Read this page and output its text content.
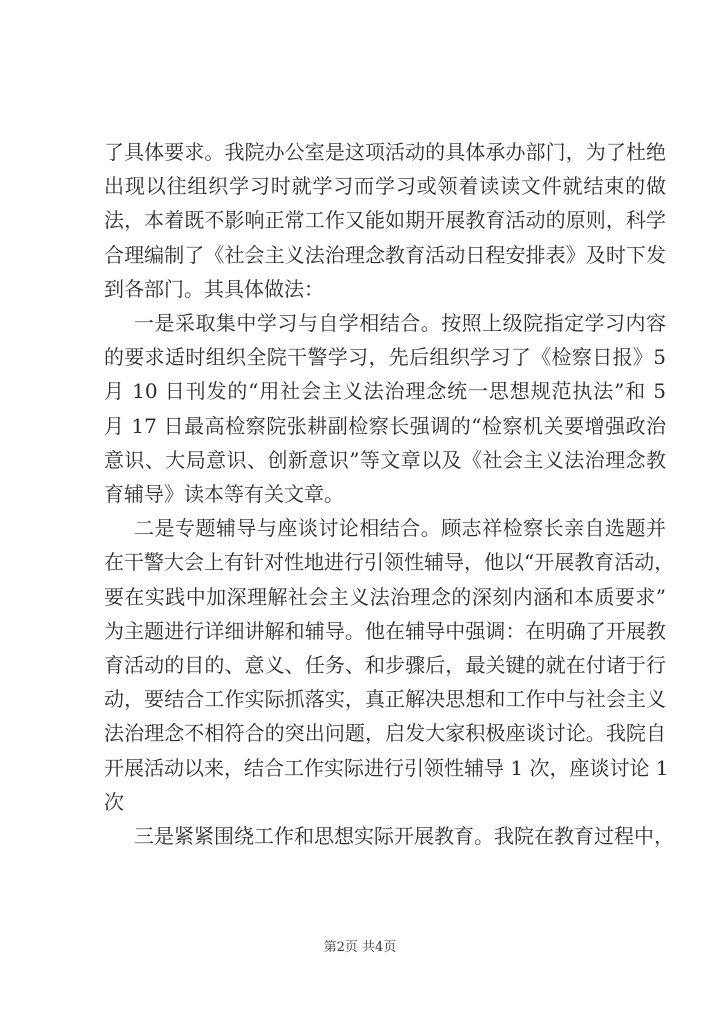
了具体要求。我院办公室是这项活动的具体承办部门，为了杜绝
出现以往组织学习时就学习而学习或领着读读文件就结束的做
法，本着既不影响正常工作又能如期开展教育活动的原则，科学
合理编制了《社会主义法治理念教育活动日程安排表》及时下发
到各部门。其具体做法：
一是采取集中学习与自学相结合。按照上级院指定学习内容
的要求适时组织全院干警学习，先后组织学习了《检察日报》5
月 10 日刊发的“用社会主义法治理念统一思想规范执法”和 5
月 17 日最高检察院张耕副检察长强调的“检察机关要增强政治
意识、大局意识、创新意识”等文章以及《社会主义法治理念教
育辅导》读本等有关文章。
二是专题辅导与座谈讨论相结合。顾志祥检察长亲自选题并
在干警大会上有针对性地进行引领性辅导，他以“开展教育活动，
要在实践中加深理解社会主义法治理念的深刻内涵和本质要求”
为主题进行详细讲解和辅导。他在辅导中强调：在明确了开展教
育活动的目的、意义、任务、和步骤后，最关键的就在付诸于行
动，要结合工作实际抓落实，真正解决思想和工作中与社会主义
法治理念不相符合的突出问题，启发大家积极座谈讨论。我院自
开展活动以来，结合工作实际进行引领性辅导 1 次，座谈讨论 1
次
三是紧紧围绕工作和思想实际开展教育。我院在教育过程中，
第2页 共4页
